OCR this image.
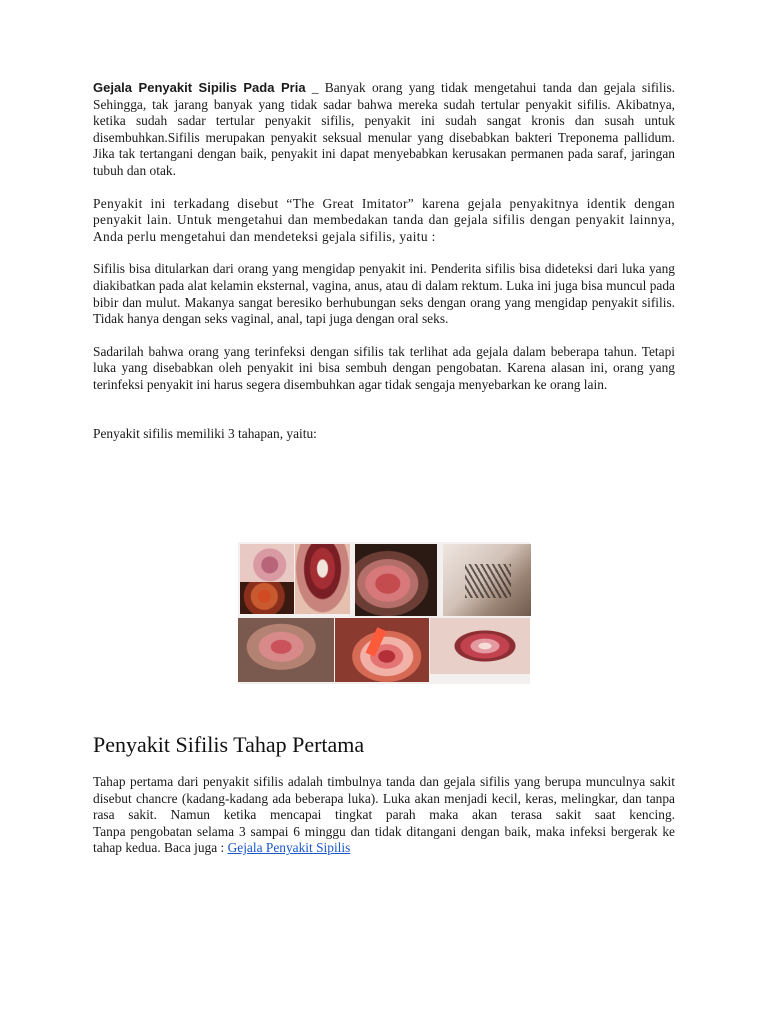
Gejala Penyakit Sipilis Pada Pria _ Banyak orang yang tidak mengetahui tanda dan gejala sifilis. Sehingga, tak jarang banyak yang tidak sadar bahwa mereka sudah tertular penyakit sifilis. Akibatnya, ketika sudah sadar tertular penyakit sifilis, penyakit ini sudah sangat kronis dan susah untuk disembuhkan.Sifilis merupakan penyakit seksual menular yang disebabkan bakteri Treponema pallidum. Jika tak tertangani dengan baik, penyakit ini dapat menyebabkan kerusakan permanen pada saraf, jaringan tubuh dan otak.

Penyakit ini terkadang disebut “The Great Imitator” karena gejala penyakitnya identik dengan penyakit lain. Untuk mengetahui dan membedakan tanda dan gejala sifilis dengan penyakit lainnya, Anda perlu mengetahui dan mendeteksi gejala sifilis, yaitu :

Sifilis bisa ditularkan dari orang yang mengidap penyakit ini. Penderita sifilis bisa dideteksi dari luka yang diakibatkan pada alat kelamin eksternal, vagina, anus, atau di dalam rektum. Luka ini juga bisa muncul pada bibir dan mulut. Makanya sangat beresiko berhubungan seks dengan orang yang mengidap penyakit sifilis. Tidak hanya dengan seks vaginal, anal, tapi juga dengan oral seks.

Sadarilah bahwa orang yang terinfeksi dengan sifilis tak terlihat ada gejala dalam beberapa tahun. Tetapi luka yang disebabkan oleh penyakit ini bisa sembuh dengan pengobatan. Karena alasan ini, orang yang terinfeksi penyakit ini harus segera disembuhkan agar tidak sengaja menyebarkan ke orang lain.

Penyakit sifilis memiliki 3 tahapan, yaitu:

Penyakit Sifilis Tahap Pertama

Tahap pertama dari penyakit sifilis adalah timbulnya tanda dan gejala sifilis yang berupa munculnya sakit disebut chancre (kadang-kadang ada beberapa luka). Luka akan menjadi kecil, keras, melingkar, dan tanpa rasa sakit. Namun ketika mencapai tingkat parah maka akan terasa sakit saat kencing.

Tanpa pengobatan selama 3 sampai 6 minggu dan tidak ditangani dengan baik, maka infeksi bergerak ke tahap kedua. Baca juga : Gejala Penyakit Sipilis
